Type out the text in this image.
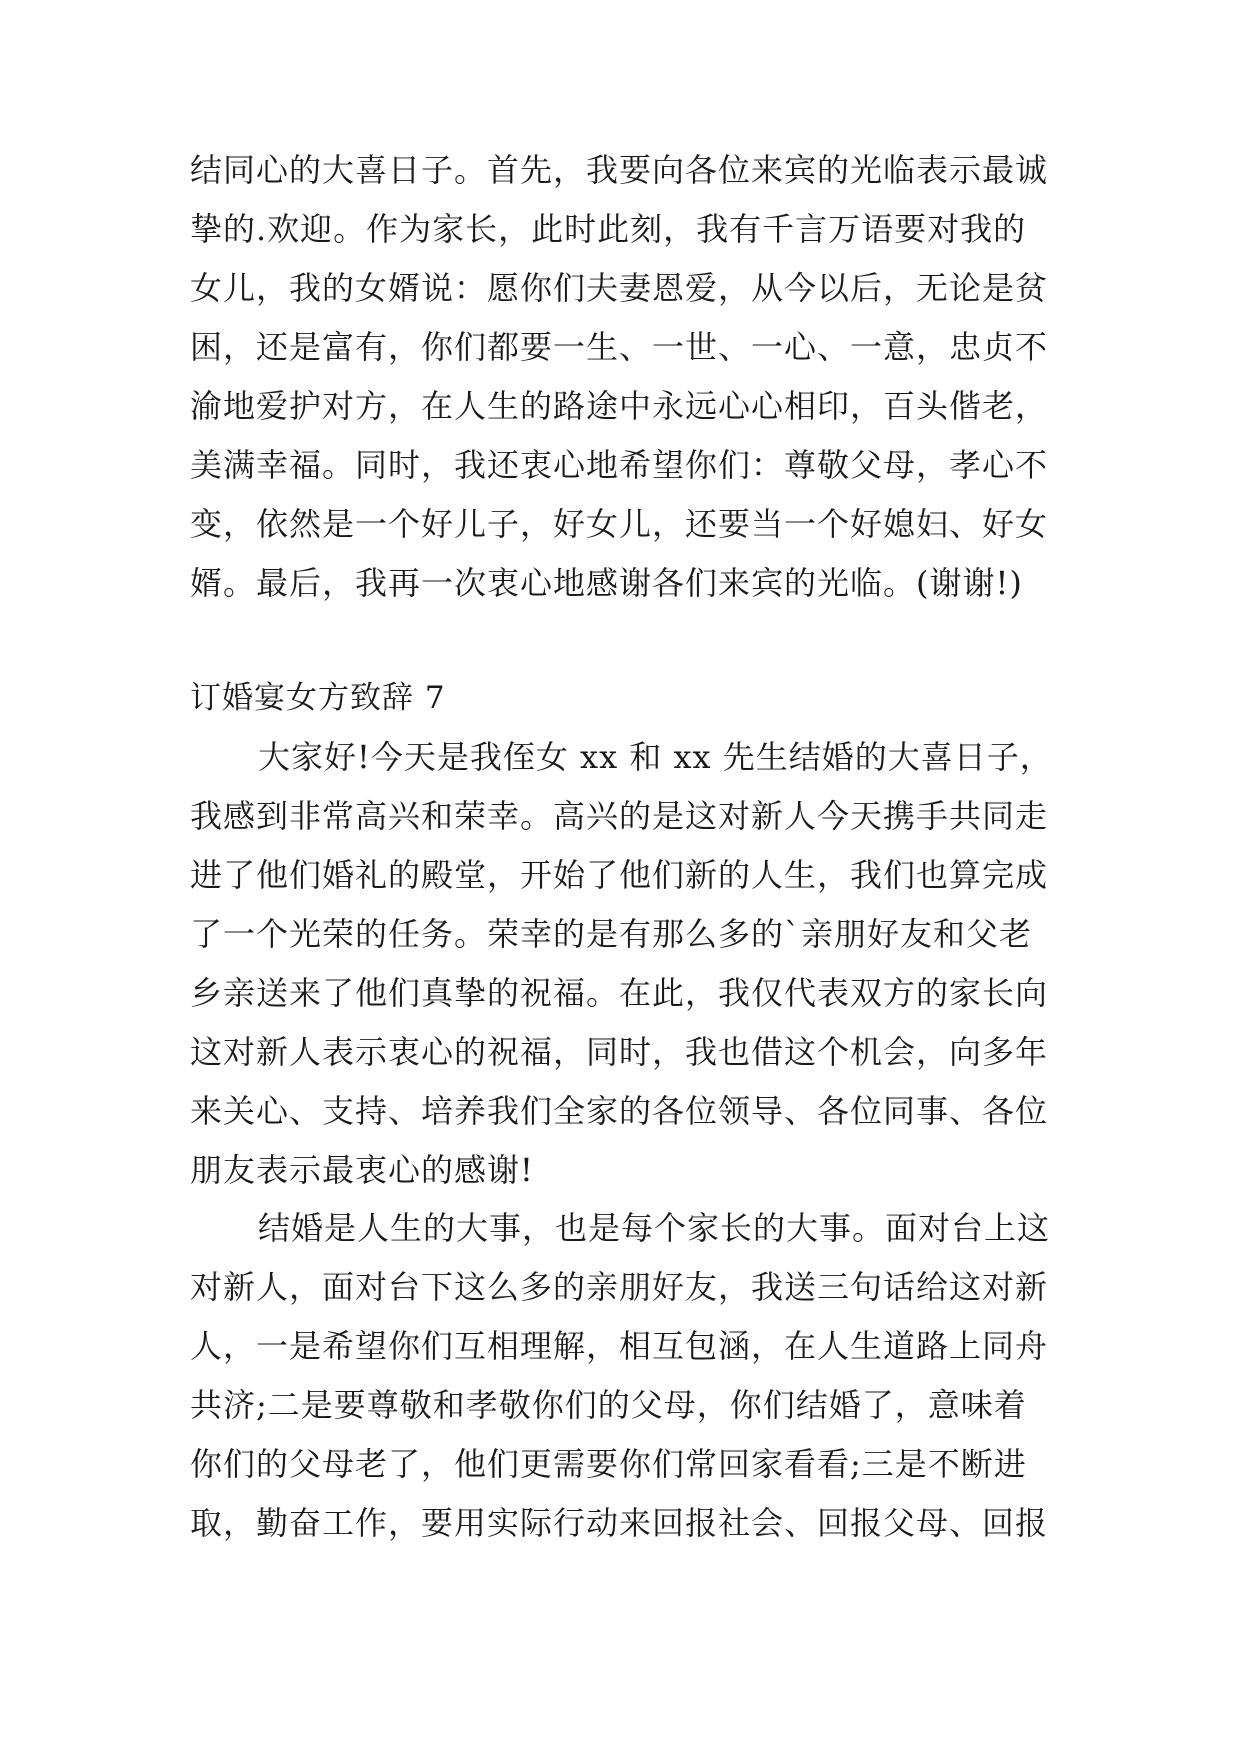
结同心的大喜日子。首先，我要向各位来宾的光临表示最诚
挚的.欢迎。作为家长，此时此刻，我有千言万语要对我的
女儿，我的女婿说：愿你们夫妻恩爱，从今以后，无论是贫
困，还是富有，你们都要一生、一世、一心、一意，忠贞不
渝地爱护对方，在人生的路途中永远心心相印，百头偕老，
美满幸福。同时，我还衷心地希望你们：尊敬父母，孝心不
变，依然是一个好儿子，好女儿，还要当一个好媳妇、好女
婿。最后，我再一次衷心地感谢各们来宾的光临。(谢谢!)
订婚宴女方致辞 7
大家好!今天是我侄女 xx 和 xx 先生结婚的大喜日子，
我感到非常高兴和荣幸。高兴的是这对新人今天携手共同走
进了他们婚礼的殿堂，开始了他们新的人生，我们也算完成
了一个光荣的任务。荣幸的是有那么多的`亲朋好友和父老
乡亲送来了他们真挚的祝福。在此，我仅代表双方的家长向
这对新人表示衷心的祝福，同时，我也借这个机会，向多年
来关心、支持、培养我们全家的各位领导、各位同事、各位
朋友表示最衷心的感谢!
结婚是人生的大事，也是每个家长的大事。面对台上这
对新人，面对台下这么多的亲朋好友，我送三句话给这对新
人，一是希望你们互相理解，相互包涵，在人生道路上同舟
共济;二是要尊敬和孝敬你们的父母，你们结婚了，意味着
你们的父母老了，他们更需要你们常回家看看;三是不断进
取，勤奋工作，要用实际行动来回报社会、回报父母、回报
